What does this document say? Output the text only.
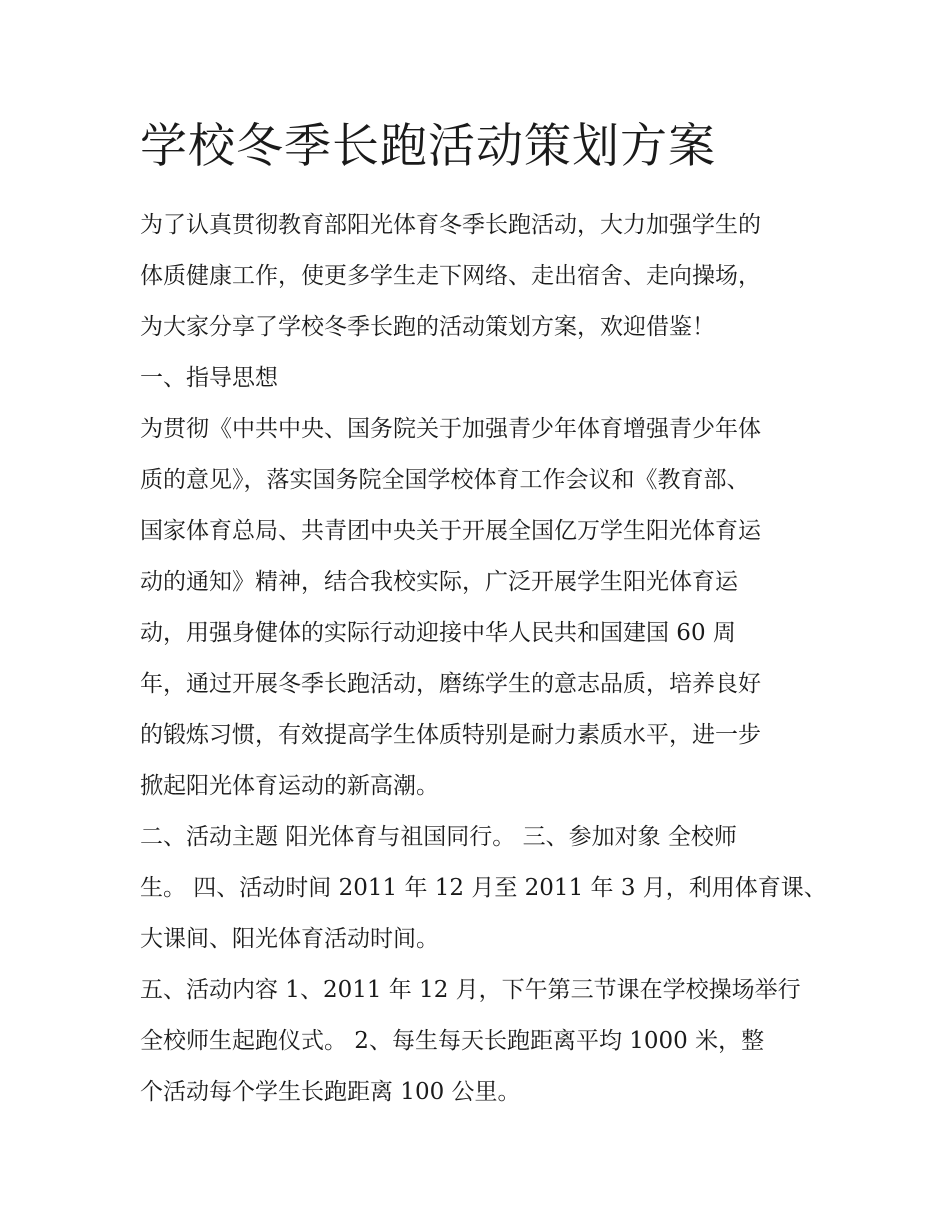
学校冬季长跑活动策划方案

为了认真贯彻教育部阳光体育冬季长跑活动，大力加强学生的

体质健康工作，使更多学生走下网络、走出宿舍、走向操场，

为大家分享了学校冬季长跑的活动策划方案，欢迎借鉴！

一、指导思想

为贯彻《中共中央、国务院关于加强青少年体育增强青少年体

质的意见》，落实国务院全国学校体育工作会议和《教育部、

国家体育总局、共青团中央关于开展全国亿万学生阳光体育运

动的通知》精神，结合我校实际，广泛开展学生阳光体育运

动，用强身健体的实际行动迎接中华人民共和国建国 60 周

年，通过开展冬季长跑活动，磨练学生的意志品质，培养良好

的锻炼习惯，有效提高学生体质特别是耐力素质水平，进一步

掀起阳光体育运动的新高潮。

二、活动主题 阳光体育与祖国同行。 三、参加对象 全校师

生。 四、活动时间 2011 年 12 月至 2011 年 3 月，利用体育课、

大课间、阳光体育活动时间。

五、活动内容 1、2011 年 12 月，下午第三节课在学校操场举行

全校师生起跑仪式。 2、每生每天长跑距离平均 1000 米，整

个活动每个学生长跑距离 100 公里。
